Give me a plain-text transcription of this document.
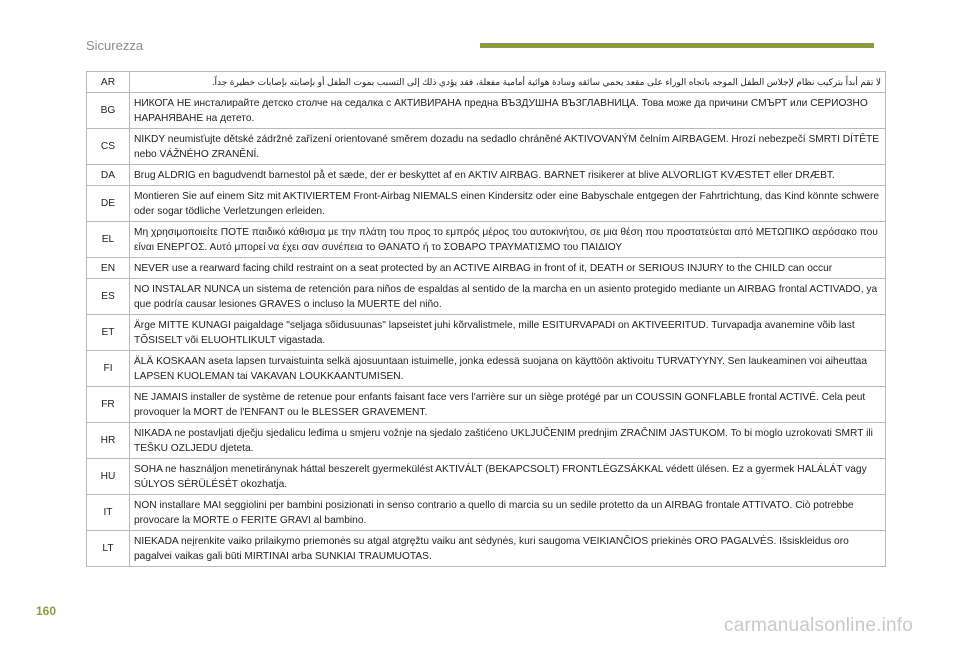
Sicurezza
AR	لا تقم أبداً بتركيب نظام لإجلاس الطفل الموجه باتجاه الوراء على مقعد يحمي سائقه وسادة هوائية أمامية مفعلة، فقد يؤدي ذلك إلى التسبب بموت الطفل أو بإصابته بإصابات خطيرة جداً.
BG	НИКОГА НЕ инсталирайте детско столче на седалка с АКТИВИРАНА предна ВЪЗДУШНА ВЪЗГЛАВНИЦА. Това може да причини СМЪРТ или СЕРИОЗНО НАРАНЯВАНЕ на детето.
CS	NIKDY neumisťujte dětské zádržné zařízení orientované směrem dozadu na sedadlo chráněné AKTIVOVANÝM čelním AIRBAGEM. Hrozí nebezpečí SMRTI DÍTĚTE nebo VÁŽNÉHO ZRANĚNÍ.
DA	Brug ALDRIG en bagudvendt barnestol på et sæde, der er beskyttet af en AKTIV AIRBAG. BARNET risikerer at blive ALVORLIGT KVÆSTET eller DRÆBT.
DE	Montieren Sie auf einem Sitz mit AKTIVIERTEM Front-Airbag NIEMALS einen Kindersitz oder eine Babyschale entgegen der Fahrtrichtung, das Kind könnte schwere oder sogar tödliche Verletzungen erleiden.
EL	Μη χρησιμοποιείτε ΠΟΤΕ παιδικό κάθισμα με την πλάτη του προς το εμπρός μέρος του αυτοκινήτου, σε μια θέση που προστατεύεται από ΜΕΤΩΠΙΚΟ αερόσακο που είναι ΕΝΕΡΓΟΣ. Αυτό μπορεί να έχει σαν συνέπεια το ΘΑΝΑΤΟ ή το ΣΟΒΑΡΟ ΤΡΑΥΜΑΤΙΣΜΟ του ΠΑΙΔΙΟΥ
EN	NEVER use a rearward facing child restraint on a seat protected by an ACTIVE AIRBAG in front of it, DEATH or SERIOUS INJURY to the CHILD can occur
ES	NO INSTALAR NUNCA un sistema de retención para niños de espaldas al sentido de la marcha en un asiento protegido mediante un AIRBAG frontal ACTIVADO, ya que podría causar lesiones GRAVES o incluso la MUERTE del niño.
ET	Ärge MITTE KUNAGI paigaldage "seljaga sõidusuunas" lapseistet juhi kõrvalistmele, mille ESITURVAPADI on AKTIVEERITUD. Turvapadja avanemine võib last TÕSISELT või ELUOHTLIKULT vigastada.
FI	ÄLÄ KOSKAAN aseta lapsen turvaistuinta selkä ajosuuntaan istuimelle, jonka edessä suojana on käyttöön aktivoitu TURVATYYNY. Sen laukeaminen voi aiheuttaa LAPSEN KUOLEMAN tai VAKAVAN LOUKKAANTUMISEN.
FR	NE JAMAIS installer de système de retenue pour enfants faisant face vers l'arrière sur un siège protégé par un COUSSIN GONFLABLE frontal ACTIVÉ. Cela peut provoquer la MORT de l'ENFANT ou le BLESSER GRAVEMENT.
HR	NIKADA ne postavljati dječju sjedalicu leđima u smjeru vožnje na sjedalo zaštićeno UKLJUČENIM prednjim ZRAČNIM JASTUKOM. To bi moglo uzrokovati SMRT ili TEŠKU OZLJEDU djeteta.
HU	SOHA ne használjon menetiránynak háttal beszerelt gyermekülést AKTIVÁLT (BEKAPCSOLT) FRONTLÉGZSÁKKAL védett ülésen. Ez a gyermek HALÁLÁT vagy SÚLYOS SÉRÜLÉSÉT okozhatja.
IT	NON installare MAI seggiolini per bambini posizionati in senso contrario a quello di marcia su un sedile protetto da un AIRBAG frontale ATTIVATO. Ciò potrebbe provocare la MORTE o FERITE GRAVI al bambino.
LT	NIEKADA neįrenkite vaiko prilaikymo priemonės su atgal atgręžtu vaiku ant sėdynės, kuri saugoma VEIKIANČIOS priekinės ORO PAGALVĖS. Išsiskleidus oro pagalvei vaikas gali būti MIRTINAI arba SUNKIAI TRAUMUOTAS.
160
carmanualsonline.info
